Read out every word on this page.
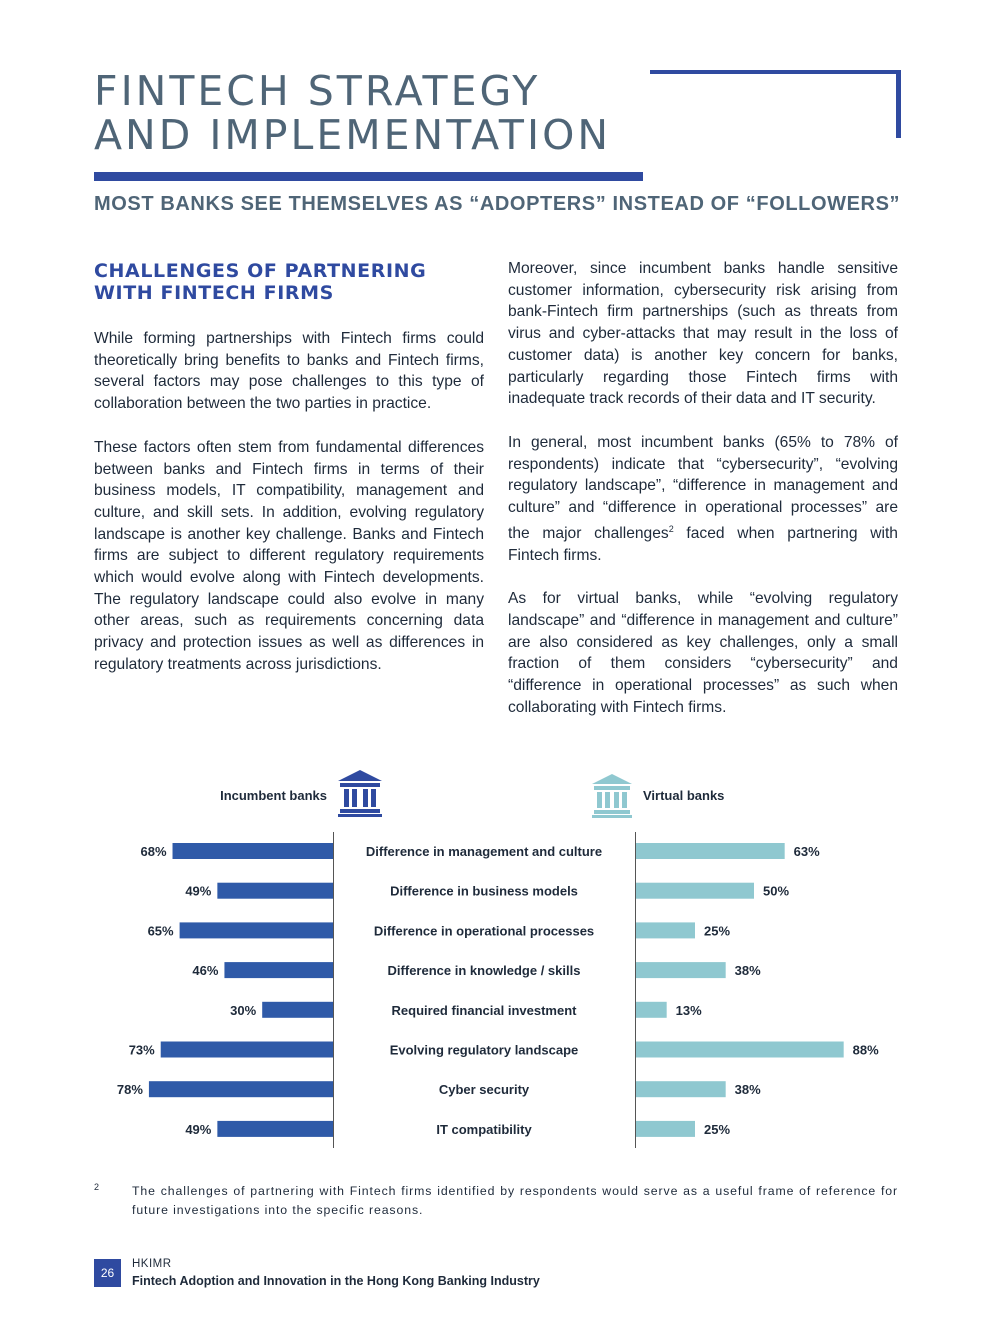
FINTECH STRATEGY
AND IMPLEMENTATION
MOST BANKS SEE THEMSELVES AS “ADOPTERS” INSTEAD OF “FOLLOWERS”
CHALLENGES OF PARTNERING
WITH FINTECH FIRMS

While forming partnerships with Fintech firms could theoretically bring benefits to banks and Fintech firms, several factors may pose challenges to this type of collaboration between the two parties in practice.

These factors often stem from fundamental differences between banks and Fintech firms in terms of their business models, IT compatibility, management and culture, and skill sets. In addition, evolving regulatory landscape is another key challenge. Banks and Fintech firms are subject to different regulatory requirements which would evolve along with Fintech developments. The regulatory landscape could also evolve in many other areas, such as requirements concerning data privacy and protection issues as well as differences in regulatory treatments across jurisdictions.

Moreover, since incumbent banks handle sensitive customer information, cybersecurity risk arising from bank-Fintech firm partnerships (such as threats from virus and cyber-attacks that may result in the loss of customer data) is another key concern for banks, particularly regarding those Fintech firms with inadequate track records of their data and IT security.

In general, most incumbent banks (65% to 78% of respondents) indicate that “cybersecurity”, “evolving regulatory landscape”, “difference in management and culture” and “difference in operational processes” are the major challenges$^2$ faced when partnering with Fintech firms.

As for virtual banks, while “evolving regulatory landscape” and “difference in management and culture” are also considered as key challenges, only a small fraction of them considers “cybersecurity” and “difference in operational processes” as such when collaborating with Fintech firms.

Incumbent banks	Virtual banks
68%	63%
Difference in management and culture
49%	50%
Difference in business models
65%	25%
Difference in operational processes
46%	38%
Difference in knowledge / skills
30%	13%
Required financial investment
73%	88%
Evolving regulatory landscape
78%	38%
Cyber security
49%	25%
IT compatibility
2	The challenges of partnering with Fintech firms identified by respondents would serve as a useful frame of reference for future investigations into the specific reasons.
26
HKIMR
Fintech Adoption and Innovation in the Hong Kong Banking Industry
